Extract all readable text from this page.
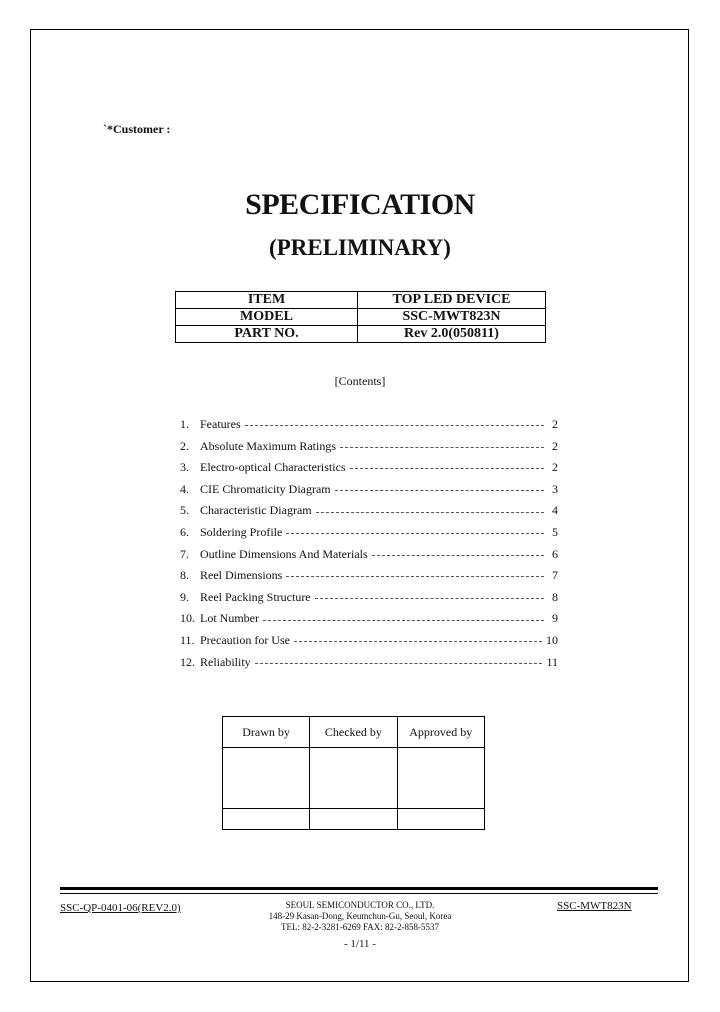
`*Customer :
SPECIFICATION
(PRELIMINARY)
ITEM	TOP LED DEVICE
MODEL	SSC-MWT823N
PART NO.	Rev 2.0(050811)
[Contents]
1. Features	2
2. Absolute Maximum Ratings	2
3. Electro-optical Characteristics	2
4. CIE Chromaticity Diagram	3
5. Characteristic Diagram	4
6. Soldering Profile	5
7. Outline Dimensions And Materials	6
8. Reel Dimensions	7
9. Reel Packing Structure	8
10. Lot Number	9
11. Precaution for Use	10
12. Reliability	11
Drawn by	Checked by	Approved by

SSC-QP-0401-06(REV2.0)	SEOUL SEMICONDUCTOR CO., LTD.
148-29 Kasan-Dong, Keumchun-Gu, Seoul, Korea
TEL: 82-2-3281-6269 FAX: 82-2-858-5537
SSC-MWT823N
- 1/11 -
